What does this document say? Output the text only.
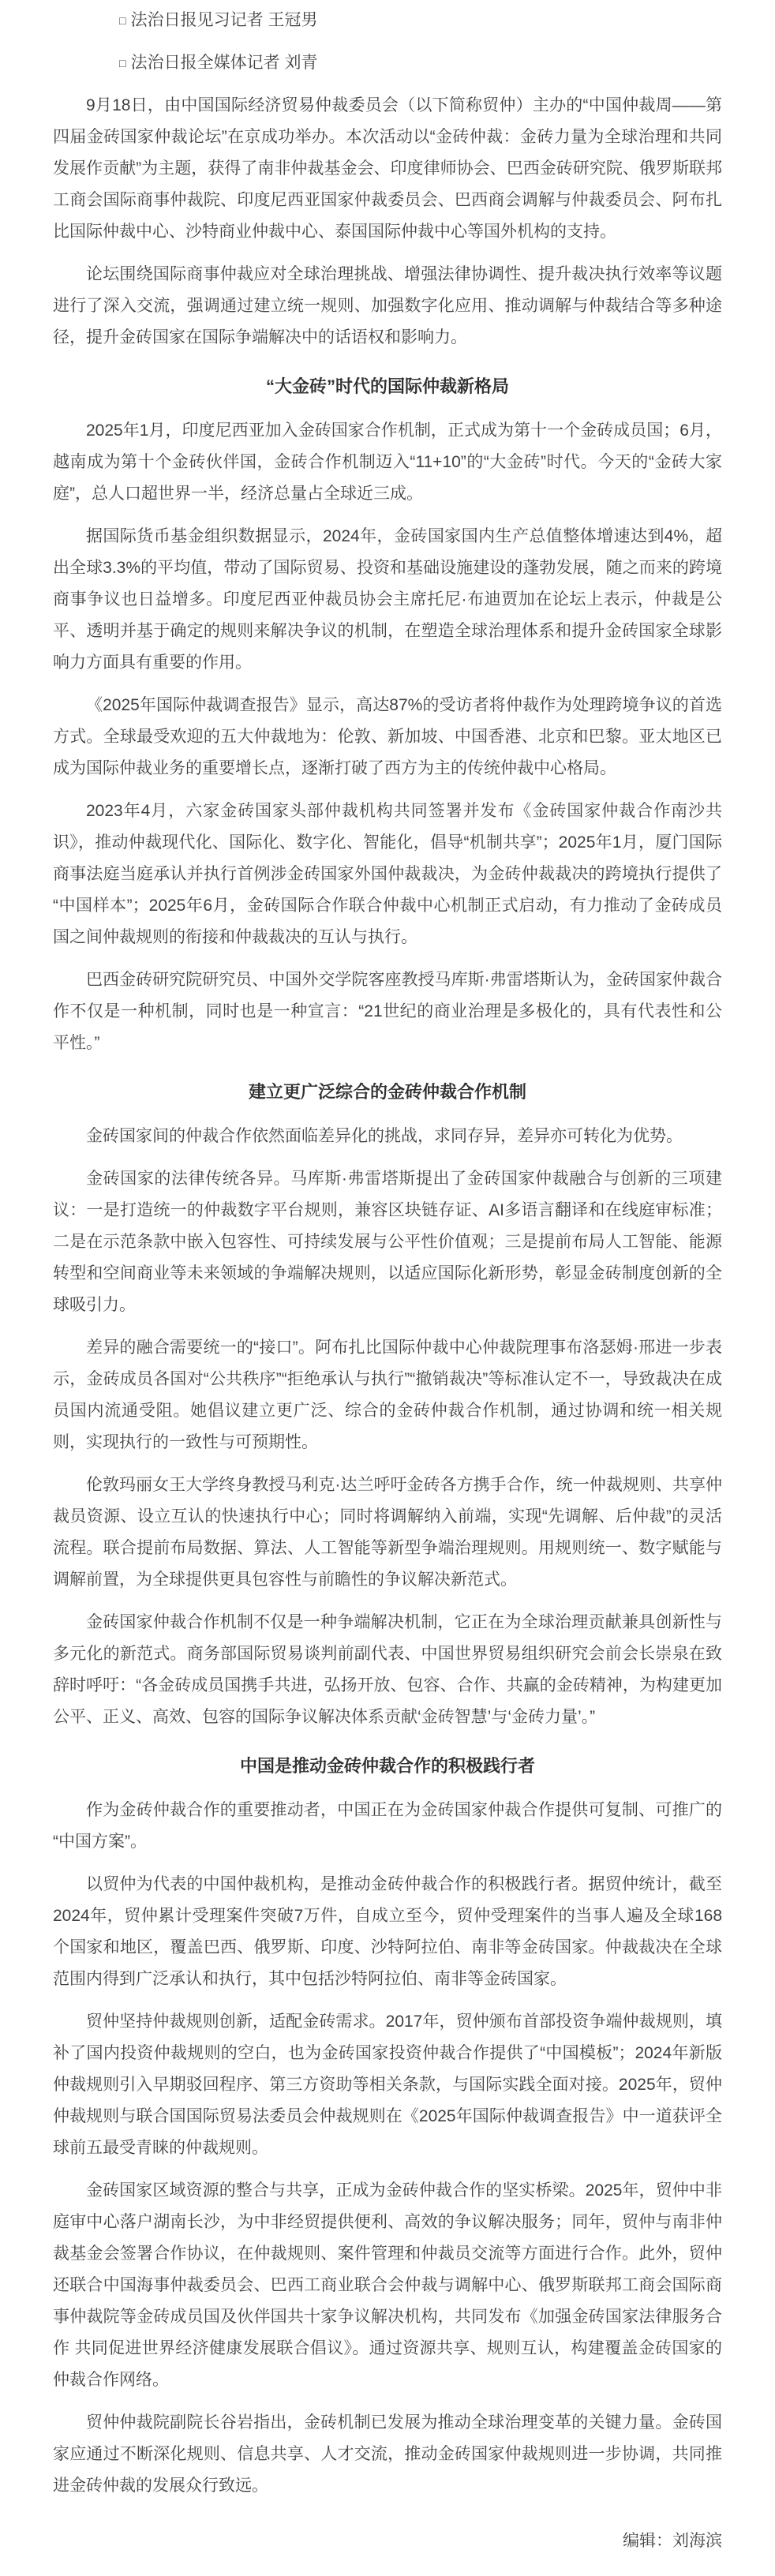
□ 法治日报见习记者 王冠男

□ 法治日报全媒体记者 刘青

9月18日，由中国国际经济贸易仲裁委员会（以下简称贸仲）主办的“中国仲裁周——第四届金砖国家仲裁论坛”在京成功举办。本次活动以“金砖仲裁：金砖力量为全球治理和共同发展作贡献”为主题，获得了南非仲裁基金会、印度律师协会、巴西金砖研究院、俄罗斯联邦工商会国际商事仲裁院、印度尼西亚国家仲裁委员会、巴西商会调解与仲裁委员会、阿布扎比国际仲裁中心、沙特商业仲裁中心、泰国国际仲裁中心等国外机构的支持。

论坛围绕国际商事仲裁应对全球治理挑战、增强法律协调性、提升裁决执行效率等议题进行了深入交流，强调通过建立统一规则、加强数字化应用、推动调解与仲裁结合等多种途径，提升金砖国家在国际争端解决中的话语权和影响力。

“大金砖”时代的国际仲裁新格局

2025年1月，印度尼西亚加入金砖国家合作机制，正式成为第十一个金砖成员国；6月，越南成为第十个金砖伙伴国，金砖合作机制迈入“11+10”的“大金砖”时代。今天的“金砖大家庭”，总人口超世界一半，经济总量占全球近三成。

据国际货币基金组织数据显示，2024年，金砖国家国内生产总值整体增速达到4%，超出全球3.3%的平均值，带动了国际贸易、投资和基础设施建设的蓬勃发展，随之而来的跨境商事争议也日益增多。印度尼西亚仲裁员协会主席托尼·布迪贾加在论坛上表示，仲裁是公平、透明并基于确定的规则来解决争议的机制，在塑造全球治理体系和提升金砖国家全球影响力方面具有重要的作用。

《2025年国际仲裁调查报告》显示，高达87%的受访者将仲裁作为处理跨境争议的首选方式。全球最受欢迎的五大仲裁地为：伦敦、新加坡、中国香港、北京和巴黎。亚太地区已成为国际仲裁业务的重要增长点，逐渐打破了西方为主的传统仲裁中心格局。

2023年4月，六家金砖国家头部仲裁机构共同签署并发布《金砖国家仲裁合作南沙共识》，推动仲裁现代化、国际化、数字化、智能化，倡导“机制共享”；2025年1月，厦门国际商事法庭当庭承认并执行首例涉金砖国家外国仲裁裁决，为金砖仲裁裁决的跨境执行提供了“中国样本”；2025年6月，金砖国际合作联合仲裁中心机制正式启动，有力推动了金砖成员国之间仲裁规则的衔接和仲裁裁决的互认与执行。

巴西金砖研究院研究员、中国外交学院客座教授马库斯·弗雷塔斯认为，金砖国家仲裁合作不仅是一种机制，同时也是一种宣言：“21世纪的商业治理是多极化的，具有代表性和公平性。”

建立更广泛综合的金砖仲裁合作机制

金砖国家间的仲裁合作依然面临差异化的挑战，求同存异，差异亦可转化为优势。

金砖国家的法律传统各异。马库斯·弗雷塔斯提出了金砖国家仲裁融合与创新的三项建议：一是打造统一的仲裁数字平台规则，兼容区块链存证、AI多语言翻译和在线庭审标准；二是在示范条款中嵌入包容性、可持续发展与公平性价值观；三是提前布局人工智能、能源转型和空间商业等未来领域的争端解决规则，以适应国际化新形势，彰显金砖制度创新的全球吸引力。

差异的融合需要统一的“接口”。阿布扎比国际仲裁中心仲裁院理事布洛瑟姆·邢进一步表示，金砖成员各国对“公共秩序”“拒绝承认与执行”“撤销裁决”等标准认定不一，导致裁决在成员国内流通受阻。她倡议建立更广泛、综合的金砖仲裁合作机制，通过协调和统一相关规则，实现执行的一致性与可预期性。

伦敦玛丽女王大学终身教授马利克·达兰呼吁金砖各方携手合作，统一仲裁规则、共享仲裁员资源、设立互认的快速执行中心；同时将调解纳入前端，实现“先调解、后仲裁”的灵活流程。联合提前布局数据、算法、人工智能等新型争端治理规则。用规则统一、数字赋能与调解前置，为全球提供更具包容性与前瞻性的争议解决新范式。

金砖国家仲裁合作机制不仅是一种争端解决机制，它正在为全球治理贡献兼具创新性与多元化的新范式。商务部国际贸易谈判前副代表、中国世界贸易组织研究会前会长崇泉在致辞时呼吁：“各金砖成员国携手共进，弘扬开放、包容、合作、共赢的金砖精神，为构建更加公平、正义、高效、包容的国际争议解决体系贡献‘金砖智慧’与‘金砖力量’。”

中国是推动金砖仲裁合作的积极践行者

作为金砖仲裁合作的重要推动者，中国正在为金砖国家仲裁合作提供可复制、可推广的“中国方案”。

以贸仲为代表的中国仲裁机构，是推动金砖仲裁合作的积极践行者。据贸仲统计，截至2024年，贸仲累计受理案件突破7万件，自成立至今，贸仲受理案件的当事人遍及全球168个国家和地区，覆盖巴西、俄罗斯、印度、沙特阿拉伯、南非等金砖国家。仲裁裁决在全球范围内得到广泛承认和执行，其中包括沙特阿拉伯、南非等金砖国家。

贸仲坚持仲裁规则创新，适配金砖需求。2017年，贸仲颁布首部投资争端仲裁规则，填补了国内投资仲裁规则的空白，也为金砖国家投资仲裁合作提供了“中国模板”；2024年新版仲裁规则引入早期驳回程序、第三方资助等相关条款，与国际实践全面对接。2025年，贸仲仲裁规则与联合国国际贸易法委员会仲裁规则在《2025年国际仲裁调查报告》中一道获评全球前五最受青睐的仲裁规则。

金砖国家区域资源的整合与共享，正成为金砖仲裁合作的坚实桥梁。2025年，贸仲中非庭审中心落户湖南长沙，为中非经贸提供便利、高效的争议解决服务；同年，贸仲与南非仲裁基金会签署合作协议，在仲裁规则、案件管理和仲裁员交流等方面进行合作。此外，贸仲还联合中国海事仲裁委员会、巴西工商业联合会仲裁与调解中心、俄罗斯联邦工商会国际商事仲裁院等金砖成员国及伙伴国共十家争议解决机构，共同发布《加强金砖国家法律服务合作 共同促进世界经济健康发展联合倡议》。通过资源共享、规则互认，构建覆盖金砖国家的仲裁合作网络。

贸仲仲裁院副院长谷岩指出，金砖机制已发展为推动全球治理变革的关键力量。金砖国家应通过不断深化规则、信息共享、人才交流，推动金砖国家仲裁规则进一步协调，共同推进金砖仲裁的发展众行致远。

编辑：刘海滨
